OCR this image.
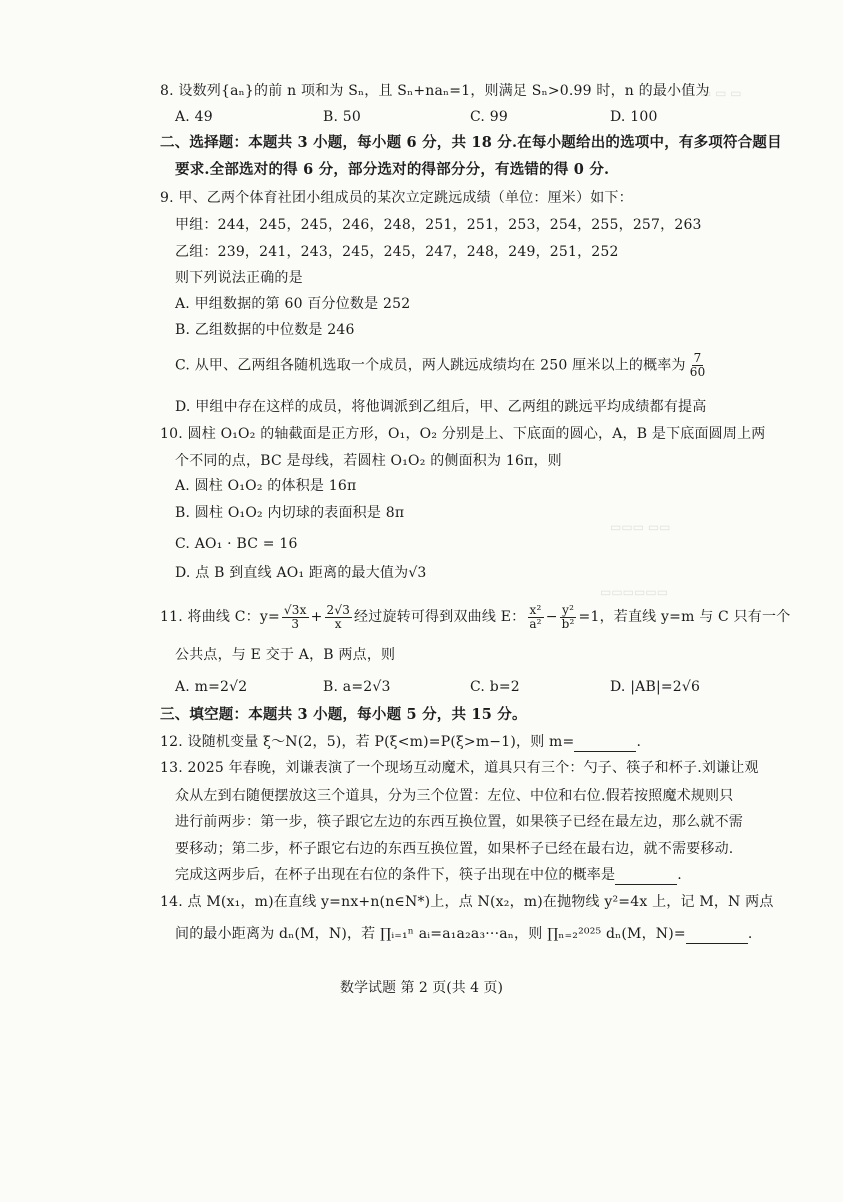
▭ ▭ ▭
▭▭▭ ▭▭
▭▭▭▭▭▭
8. 设数列{aₙ}的前 n 项和为 Sₙ，且 Sₙ+naₙ=1，则满足 Sₙ>0.99 时，n 的最小值为
A. 49	B. 50	C. 99	D. 100
二、选择题：本题共 3 小题，每小题 6 分，共 18 分.在每小题给出的选项中，有多项符合题目
要求.全部选对的得 6 分，部分选对的得部分分，有选错的得 0 分.
9. 甲、乙两个体育社团小组成员的某次立定跳远成绩（单位：厘米）如下：
甲组：244，245，245，246，248，251，251，253，254，255，257，263
乙组：239，241，243，245，245，247，248，249，251，252
则下列说法正确的是
A. 甲组数据的第 60 百分位数是 252
B. 乙组数据的中位数是 246
C. 从甲、乙两组各随机选取一个成员，两人跳远成绩均在 250 厘米以上的概率为 $\frac{7}{60}$
D. 甲组中存在这样的成员，将他调派到乙组后，甲、乙两组的跳远平均成绩都有提高
10. 圆柱 O₁O₂ 的轴截面是正方形，O₁，O₂ 分别是上、下底面的圆心，A，B 是下底面圆周上两
个不同的点，BC 是母线，若圆柱 O₁O₂ 的侧面积为 16π，则
A. 圆柱 O₁O₂ 的体积是 16π
B. 圆柱 O₁O₂ 内切球的表面积是 8π
C. AO₁ · BC = 16
D. 点 B 到直线 AO₁ 距离的最大值为√3
11. 将曲线 C：$y= \frac{√3x}{3} + \frac{2√3}{x}$ 经过旋转可得到双曲线 E： $\frac{\text{x²}}{\text{a²}} - \frac{\text{y²}}{\text{b²}} =1$，若直线 y=m 与 C 只有一个
公共点，与 E 交于 A，B 两点，则
A. m=2√2	B. a=2√3	C. b=2	D. |AB|=2√6
三、填空题：本题共 3 小题，每小题 5 分，共 15 分。
12. 设随机变量 ξ～N(2，5)，若 P(ξ<m)=P(ξ>m−1)，则 m=	.
13. 2025 年春晚，刘谦表演了一个现场互动魔术，道具只有三个：勺子、筷子和杯子.刘谦让观
众从左到右随便摆放这三个道具，分为三个位置：左位、中位和右位.假若按照魔术规则只
进行前两步：第一步，筷子跟它左边的东西互换位置，如果筷子已经在最左边，那么就不需
要移动；第二步，杯子跟它右边的东西互换位置，如果杯子已经在最右边，就不需要移动.
完成这两步后，在杯子出现在右位的条件下，筷子出现在中位的概率是	.
14. 点 M(x₁，m)在直线 y=nx+n(n∈N*)上，点 N(x₂，m)在抛物线 y²=4x 上，记 M，N 两点
间的最小距离为 dₙ(M，N)，若 ∏ᵢ₌₁ⁿ aᵢ=a₁a₂a₃···aₙ，则 ∏ₙ₌₂²⁰²⁵ dₙ(M，N)=	.
数学试题 第 2 页(共 4 页)
